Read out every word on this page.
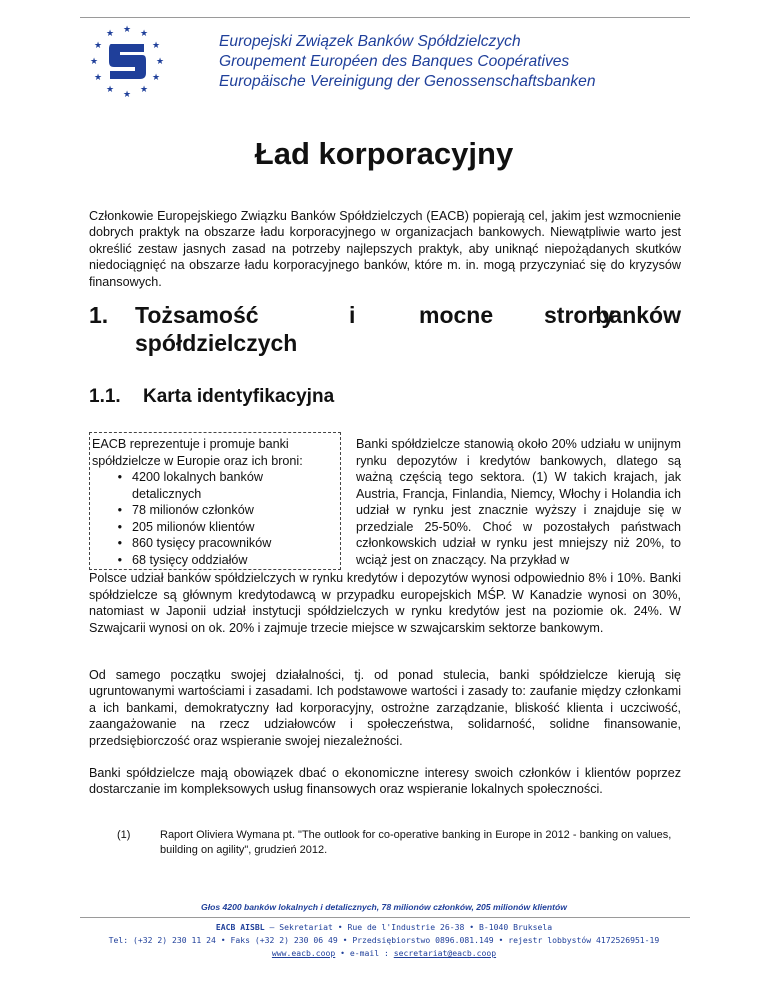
★ ★
★
★
★
★
★
★
★
★
★
★	Europejski Związek Banków Spółdzielczych
Groupement Européen des Banques Coopératives
Europäische Vereinigung der Genossenschaftsbanken
Ład korporacyjny

Członkowie Europejskiego Związku Banków Spółdzielczych (EACB) popierają cel, jakim jest wzmocnienie dobrych praktyk na obszarze ładu korporacyjnego w organizacjach bankowych. Niewątpliwie warto jest określić zestaw jasnych zasad na potrzeby najlepszych praktyk, aby uniknąć niepożądanych skutków niedociągnięć na obszarze ładu korporacyjnego banków, które m. in. mogą przyczyniać się do kryzysów finansowych.

1. Tożsamość	i	mocne strony
banków
spółdzielczych
1.1. Karta identyfikacyjna
EACB reprezentuje i promuje banki
spółdzielcze w Europie oraz ich broni:
• 4200 lokalnych banków
detalicznych
• 78 milionów członków
• 205 milionów klientów
• 860 tysięcy pracowników
• 68 tysięcy oddziałów

Banki spółdzielcze stanowią około 20% udziału w unijnym rynku depozytów i kredytów bankowych, dlatego są ważną częścią tego sektora. (1) W takich krajach, jak Austria, Francja, Finlandia, Niemcy, Włochy i Holandia ich udział w rynku jest znacznie wyższy i znajduje się w przedziale 25-50%. Choć w pozostałych państwach członkowskich udział w rynku jest mniejszy niż 20%, to wciąż jest on znaczący. Na przykład w

Polsce udział banków spółdzielczych w rynku kredytów i depozytów wynosi odpowiednio 8% i 10%. Banki spółdzielcze są głównym kredytodawcą w przypadku europejskich MŚP. W Kanadzie wynosi on 30%, natomiast w Japonii udział instytucji spółdzielczych w rynku kredytów jest na poziomie ok. 24%. W Szwajcarii wynosi on ok. 20% i zajmuje trzecie miejsce w szwajcarskim sektorze bankowym.

Od samego początku swojej działalności, tj. od ponad stulecia, banki spółdzielcze kierują się ugruntowanymi wartościami i zasadami. Ich podstawowe wartości i zasady to: zaufanie między członkami a ich bankami, demokratyczny ład korporacyjny, ostrożne zarządzanie, bliskość klienta i uczciwość, zaangażowanie na rzecz udziałowców i społeczeństwa, solidarność, solidne finansowanie, przedsiębiorczość oraz wspieranie swojej niezależności.

Banki spółdzielcze mają obowiązek dbać o ekonomiczne interesy swoich członków i klientów poprzez dostarczanie im kompleksowych usług finansowych oraz wspieranie lokalnych społeczności.

(1)	Raport Oliviera Wymana pt. "The outlook for co-operative banking in Europe in 2012 - banking on values, building on agility", grudzień 2012.
Głos 4200 banków lokalnych i detalicznych, 78 milionów członków, 205 milionów klientów
EACB AISBL – Sekretariat • Rue de l'Industrie 26-38 • B-1040 Bruksela
Tel: (+32 2) 230 11 24 • Faks (+32 2) 230 06 49 • Przedsiębiorstwo 0896.081.149 • rejestr lobbystów 4172526951-19
www.eacb.coop • e-mail : secretariat@eacb.coop
